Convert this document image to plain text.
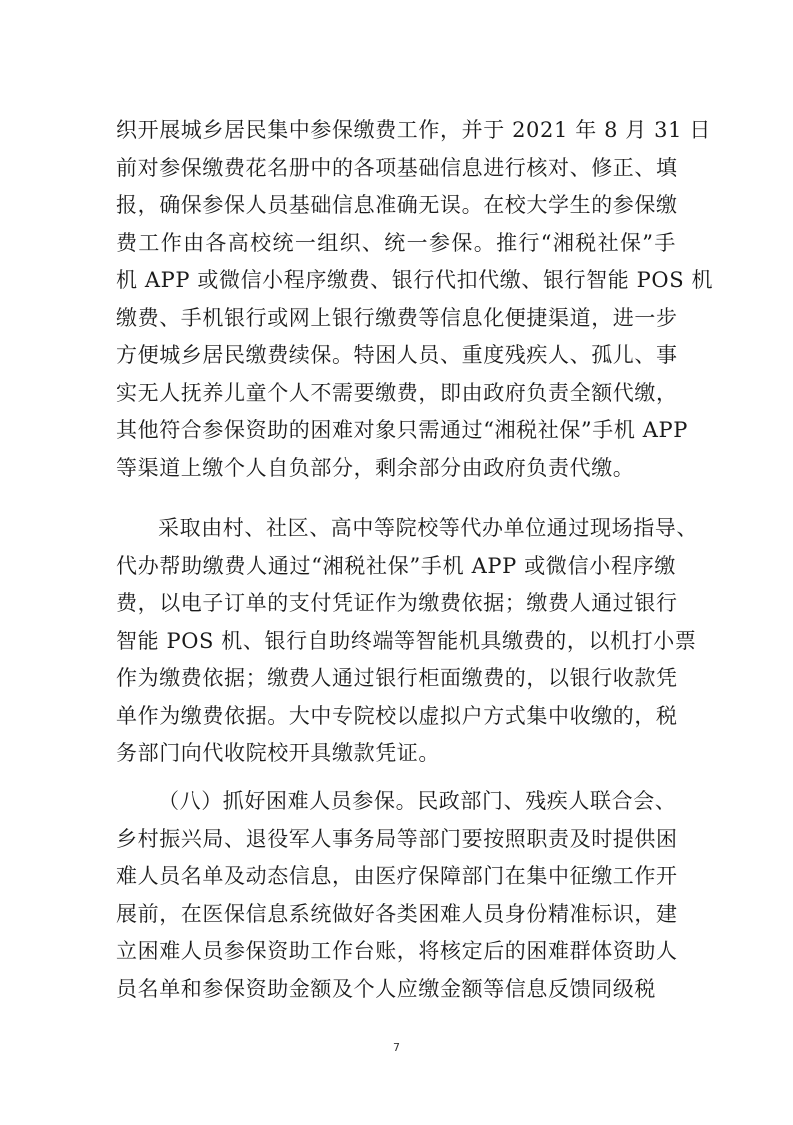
织开展城乡居民集中参保缴费工作，并于 2021 年 8 月 31 日
前对参保缴费花名册中的各项基础信息进行核对、修正、填
报，确保参保人员基础信息准确无误。在校大学生的参保缴
费工作由各高校统一组织、统一参保。推行“湘税社保”手
机 APP 或微信小程序缴费、银行代扣代缴、银行智能 POS 机
缴费、手机银行或网上银行缴费等信息化便捷渠道，进一步
方便城乡居民缴费续保。特困人员、重度残疾人、孤儿、事
实无人抚养儿童个人不需要缴费，即由政府负责全额代缴，
其他符合参保资助的困难对象只需通过“湘税社保”手机 APP
等渠道上缴个人自负部分，剩余部分由政府负责代缴。
采取由村、社区、高中等院校等代办单位通过现场指导、
代办帮助缴费人通过“湘税社保”手机 APP 或微信小程序缴
费，以电子订单的支付凭证作为缴费依据；缴费人通过银行
智能 POS 机、银行自助终端等智能机具缴费的，以机打小票
作为缴费依据；缴费人通过银行柜面缴费的，以银行收款凭
单作为缴费依据。大中专院校以虚拟户方式集中收缴的，税
务部门向代收院校开具缴款凭证。
（八）抓好困难人员参保。民政部门、残疾人联合会、
乡村振兴局、退役军人事务局等部门要按照职责及时提供困
难人员名单及动态信息，由医疗保障部门在集中征缴工作开
展前，在医保信息系统做好各类困难人员身份精准标识，建
立困难人员参保资助工作台账，将核定后的困难群体资助人
员名单和参保资助金额及个人应缴金额等信息反馈同级税
7
